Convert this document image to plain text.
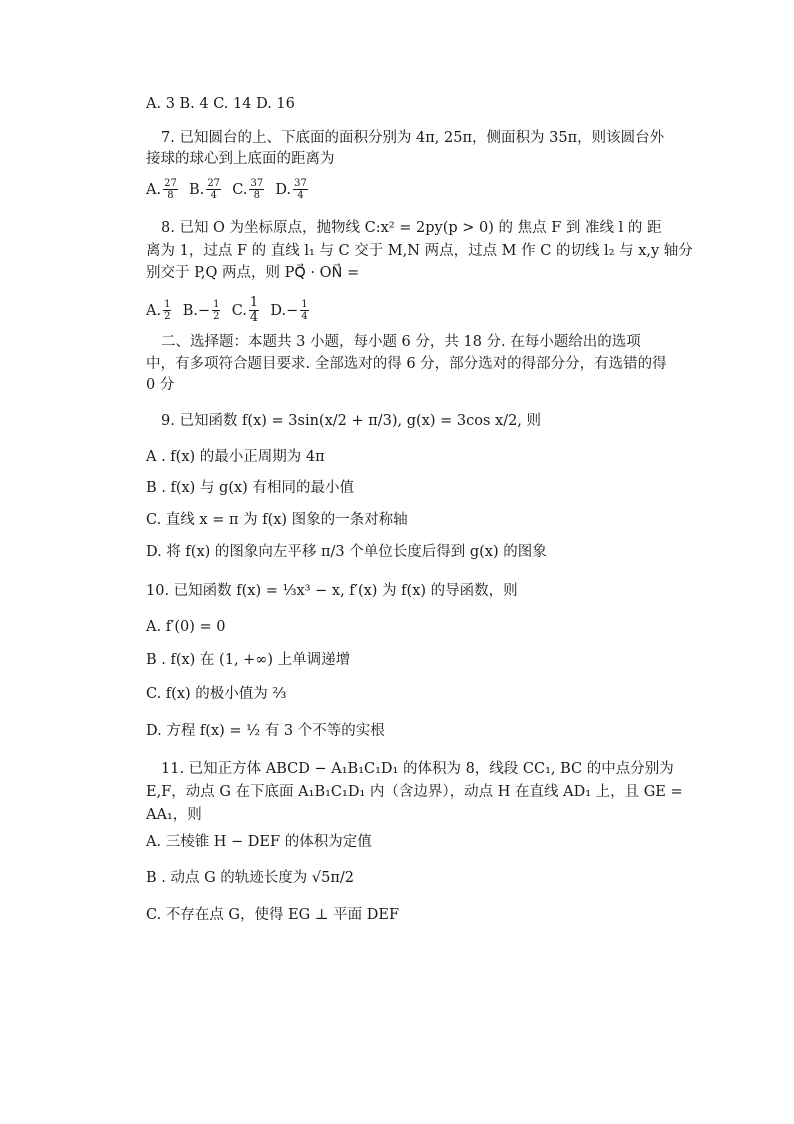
A. 3 B. 4 C. 14 D. 16
7. 已知圆台的上、下底面的面积分别为 4π, 25π，侧面积为 35π，则该圆台外
接球的球心到上底面的距离为
A. $\frac{27}{8} B$. $\frac{27}{4} C$. $\frac{37}{8} D$. $\frac{37}{4}$
8. 已知 O 为坐标原点，抛物线 C:x² = 2py(p > 0) 的 焦点 F 到 准线 l 的 距
离为 1，过点 F 的 直线 l₁ 与 C 交于 M,N 两点，过点 M 作 C 的切线 l₂ 与 x,y 轴分
别交于 P,Q 两点，则 PQ⃗ · ON⃗ =
A. $\frac{1}{2} B.- \frac{1}{2} C$. $\frac{1}{4} D.- \frac{1}{4}$
二、选择题：本题共 3 小题，每小题 6 分，共 18 分. 在每小题给出的选项
中，有多项符合题目要求. 全部选对的得 6 分，部分选对的得部分分，有选错的得
0 分
9. 已知函数 f(x) = 3sin(x/2 + π/3), g(x) = 3cos x/2, 则
A . f(x) 的最小正周期为 4π
B . f(x) 与 g(x) 有相同的最小值
C. 直线 x = π 为 f(x) 图象的一条对称轴
D. 将 f(x) 的图象向左平移 π/3 个单位长度后得到 g(x) 的图象
10. 已知函数 f(x) = ⅓x³ − x, f′(x) 为 f(x) 的导函数，则
A. f′(0) = 0
B . f(x) 在 (1, +∞) 上单调递增
C. f(x) 的极小值为 ⅔
D. 方程 f(x) = ½ 有 3 个不等的实根
11. 已知正方体 ABCD − A₁B₁C₁D₁ 的体积为 8，线段 CC₁, BC 的中点分别为
E,F，动点 G 在下底面 A₁B₁C₁D₁ 内（含边界），动点 H 在直线 AD₁ 上，且 GE =
AA₁，则
A. 三棱锥 H − DEF 的体积为定值
B . 动点 G 的轨迹长度为 √5π/2
C. 不存在点 G，使得 EG ⊥ 平面 DEF
